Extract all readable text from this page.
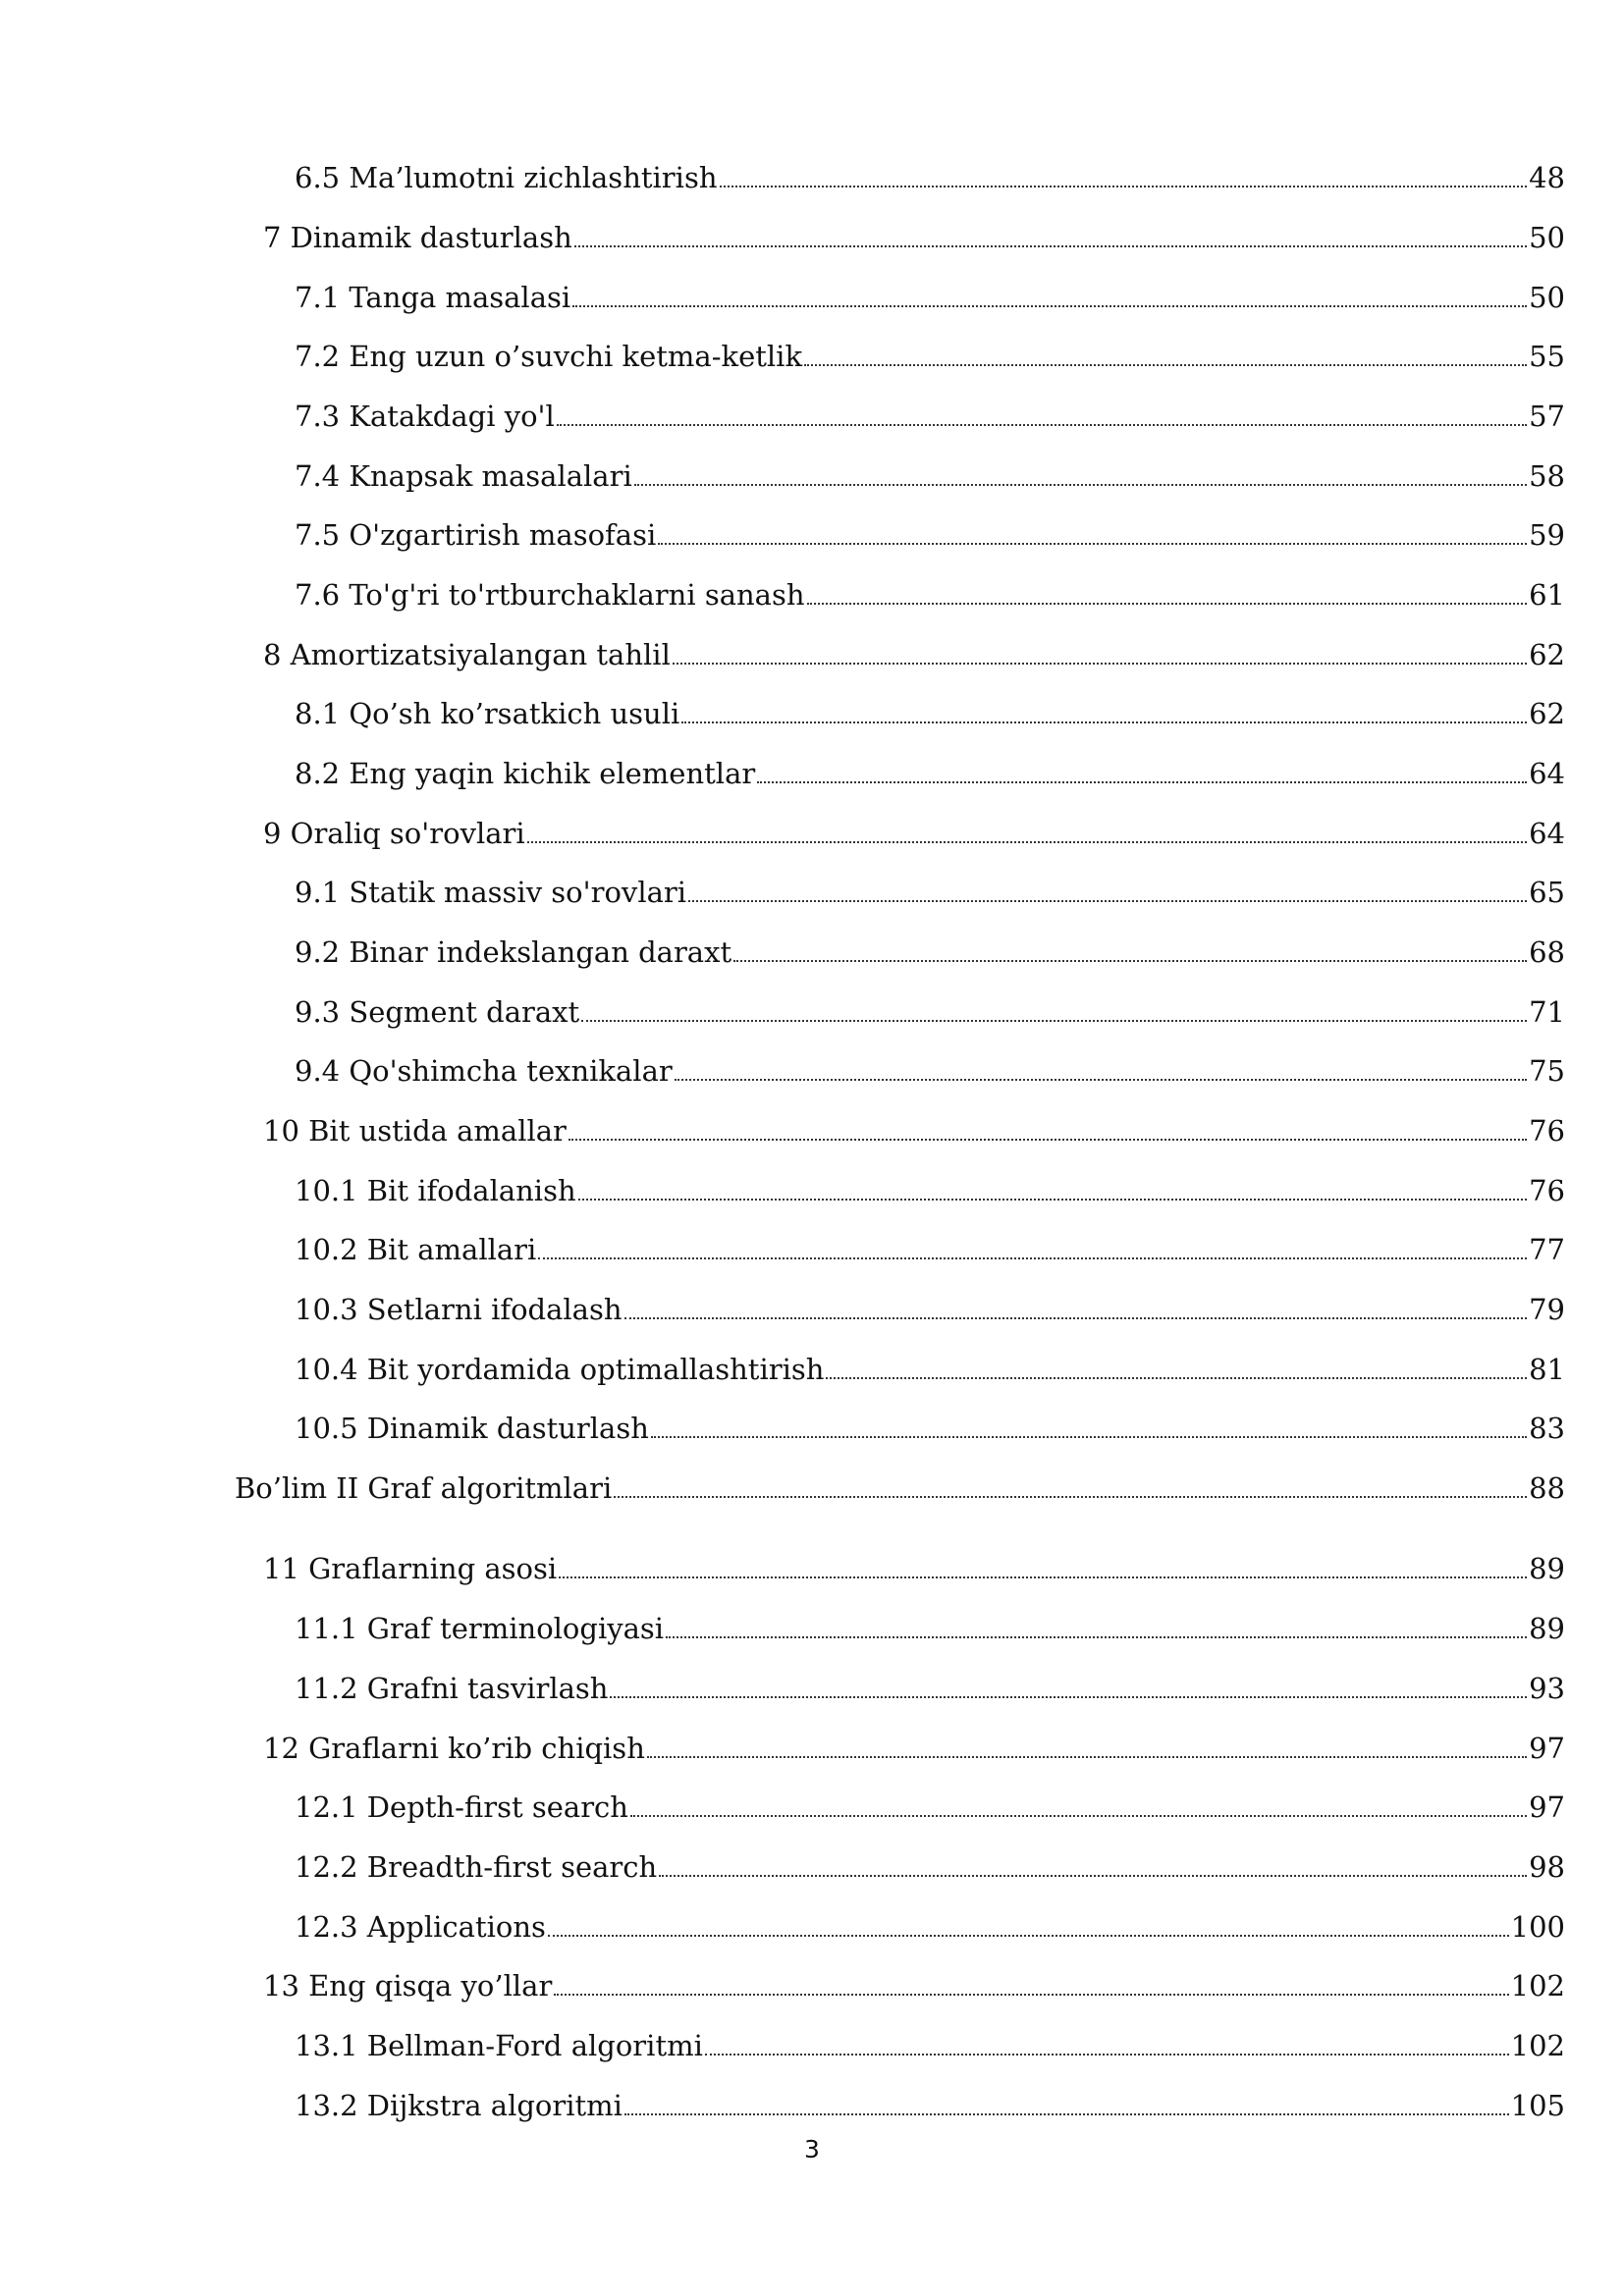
6.5 Ma’lumotni zichlashtirish	48
7 Dinamik dasturlash	50
7.1 Tanga masalasi	50
7.2 Eng uzun o’suvchi ketma-ketlik	55
7.3 Katakdagi yo'l	57
7.4 Knapsak masalalari	58
7.5 O'zgartirish masofasi	59
7.6 To'g'ri to'rtburchaklarni sanash	61
8 Amortizatsiyalangan tahlil	62
8.1 Qo’sh ko’rsatkich usuli	62
8.2 Eng yaqin kichik elementlar	64
9 Oraliq so'rovlari	64
9.1 Statik massiv so'rovlari	65
9.2 Binar indekslangan daraxt	68
9.3 Segment daraxt	71
9.4 Qo'shimcha texnikalar	75
10 Bit ustida amallar	76
10.1 Bit ifodalanish	76
10.2 Bit amallari	77
10.3 Setlarni ifodalash	79
10.4 Bit yordamida optimallashtirish	81
10.5 Dinamik dasturlash	83
Bo’lim II Graf algoritmlari	88
11 Graflarning asosi	89
11.1 Graf terminologiyasi	89
11.2 Grafni tasvirlash	93
12 Graflarni ko’rib chiqish	97
12.1 Depth-first search	97
12.2 Breadth-first search	98
12.3 Applications	100
13 Eng qisqa yo’llar	102
13.1 Bellman-Ford algoritmi	102
13.2 Dijkstra algoritmi	105
3
